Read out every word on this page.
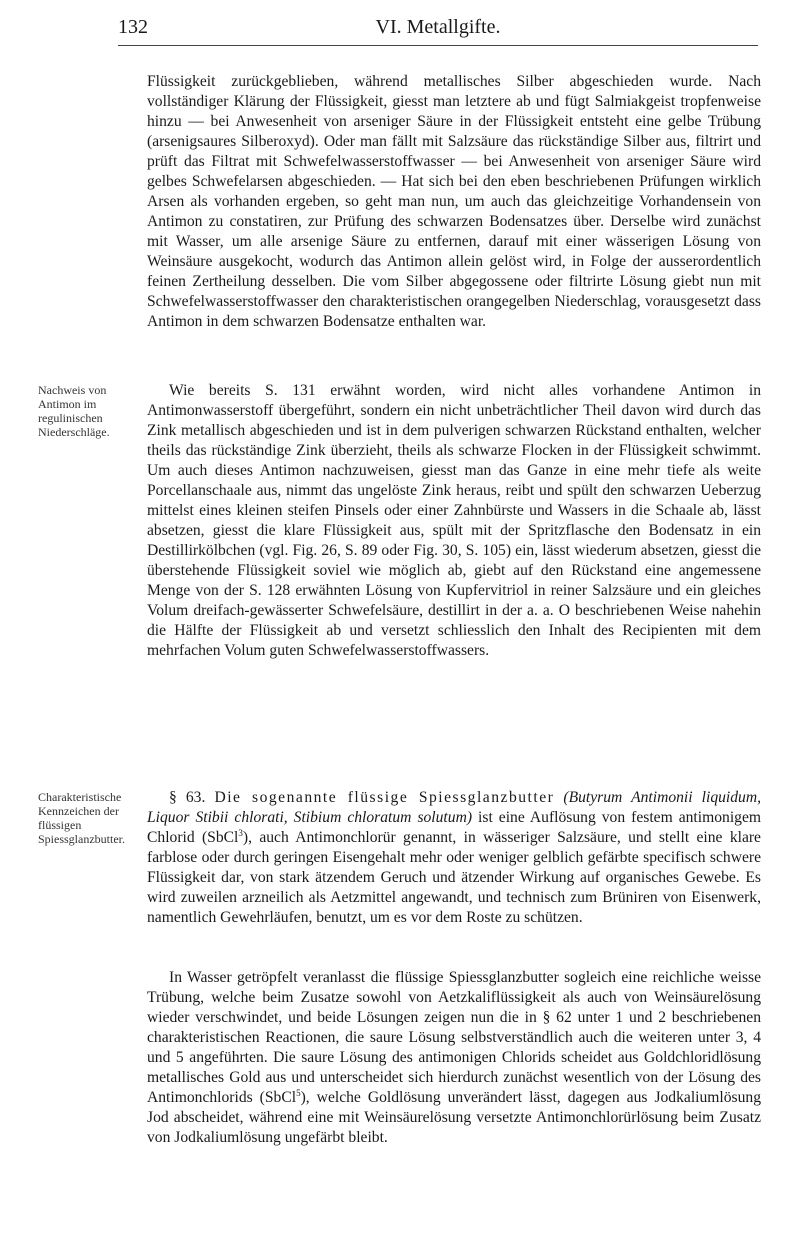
132	VI. Metallgifte.

Flüssigkeit zurückgeblieben, während metallisches Silber abgeschieden wurde. Nach vollständiger Klärung der Flüssigkeit, giesst man letztere ab und fügt Salmiakgeist tropfenweise hinzu — bei Anwesenheit von arseniger Säure in der Flüssigkeit entsteht eine gelbe Trübung (arsenigsaures Silberoxyd). Oder man fällt mit Salzsäure das rückständige Silber aus, filtrirt und prüft das Filtrat mit Schwefelwasserstoffwasser — bei Anwesenheit von arseniger Säure wird gelbes Schwefelarsen abgeschieden. — Hat sich bei den eben beschriebenen Prüfungen wirklich Arsen als vorhanden ergeben, so geht man nun, um auch das gleichzeitige Vorhandensein von Antimon zu constatiren, zur Prüfung des schwarzen Bodensatzes über. Derselbe wird zunächst mit Wasser, um alle arsenige Säure zu entfernen, darauf mit einer wässerigen Lösung von Weinsäure ausgekocht, wodurch das Antimon allein gelöst wird, in Folge der ausserordentlich feinen Zertheilung desselben. Die vom Silber abgegossene oder filtrirte Lösung giebt nun mit Schwefelwasserstoffwasser den charakteristischen orangegelben Niederschlag, vorausgesetzt dass Antimon in dem schwarzen Bodensatze enthalten war.

Nachweis von Antimon im regulinischen Niederschläge.

Wie bereits S. 131 erwähnt worden, wird nicht alles vorhandene Antimon in Antimonwasserstoff übergeführt, sondern ein nicht unbeträchtlicher Theil davon wird durch das Zink metallisch abgeschieden und ist in dem pulverigen schwarzen Rückstand enthalten, welcher theils das rückständige Zink überzieht, theils als schwarze Flocken in der Flüssigkeit schwimmt. Um auch dieses Antimon nachzuweisen, giesst man das Ganze in eine mehr tiefe als weite Porcellanschaale aus, nimmt das ungelöste Zink heraus, reibt und spült den schwarzen Ueberzug mittelst eines kleinen steifen Pinsels oder einer Zahnbürste und Wassers in die Schaale ab, lässt absetzen, giesst die klare Flüssigkeit aus, spült mit der Spritzflasche den Bodensatz in ein Destillirkölbchen (vgl. Fig. 26, S. 89 oder Fig. 30, S. 105) ein, lässt wiederum absetzen, giesst die überstehende Flüssigkeit soviel wie möglich ab, giebt auf den Rückstand eine angemessene Menge von der S. 128 erwähnten Lösung von Kupfervitriol in reiner Salzsäure und ein gleiches Volum dreifach-gewässerter Schwefelsäure, destillirt in der a. a. O beschriebenen Weise nahehin die Hälfte der Flüssigkeit ab und versetzt schliesslich den Inhalt des Recipienten mit dem mehrfachen Volum guten Schwefelwasserstoffwassers.

Charakteristische Kennzeichen der flüssigen Spiessglanzbutter.

§ 63. Die sogenannte flüssige Spiessglanzbutter (Butyrum Antimonii liquidum, Liquor Stibii chlorati, Stibium chloratum solutum) ist eine Auflösung von festem antimonigem Chlorid (SbCl$^3$), auch Antimonchlorür genannt, in wässeriger Salzsäure, und stellt eine klare farblose oder durch geringen Eisengehalt mehr oder weniger gelblich gefärbte specifisch schwere Flüssigkeit dar, von stark ätzendem Geruch und ätzender Wirkung auf organisches Gewebe. Es wird zuweilen arzneilich als Aetzmittel angewandt, und technisch zum Brüniren von Eisenwerk, namentlich Gewehrläufen, benutzt, um es vor dem Roste zu schützen.

In Wasser getröpfelt veranlasst die flüssige Spiessglanzbutter sogleich eine reichliche weisse Trübung, welche beim Zusatze sowohl von Aetzkaliflüssigkeit als auch von Weinsäurelösung wieder verschwindet, und beide Lösungen zeigen nun die in § 62 unter 1 und 2 beschriebenen charakteristischen Reactionen, die saure Lösung selbstverständlich auch die weiteren unter 3, 4 und 5 angeführten. Die saure Lösung des antimonigen Chlorids scheidet aus Goldchloridlösung metallisches Gold aus und unterscheidet sich hierdurch zunächst wesentlich von der Lösung des Antimonchlorids (SbCl$^5$), welche Goldlösung unverändert lässt, dagegen aus Jodkaliumlösung Jod abscheidet, während eine mit Weinsäurelösung versetzte Antimonchlorürlösung beim Zusatz von Jodkaliumlösung ungefärbt bleibt.
